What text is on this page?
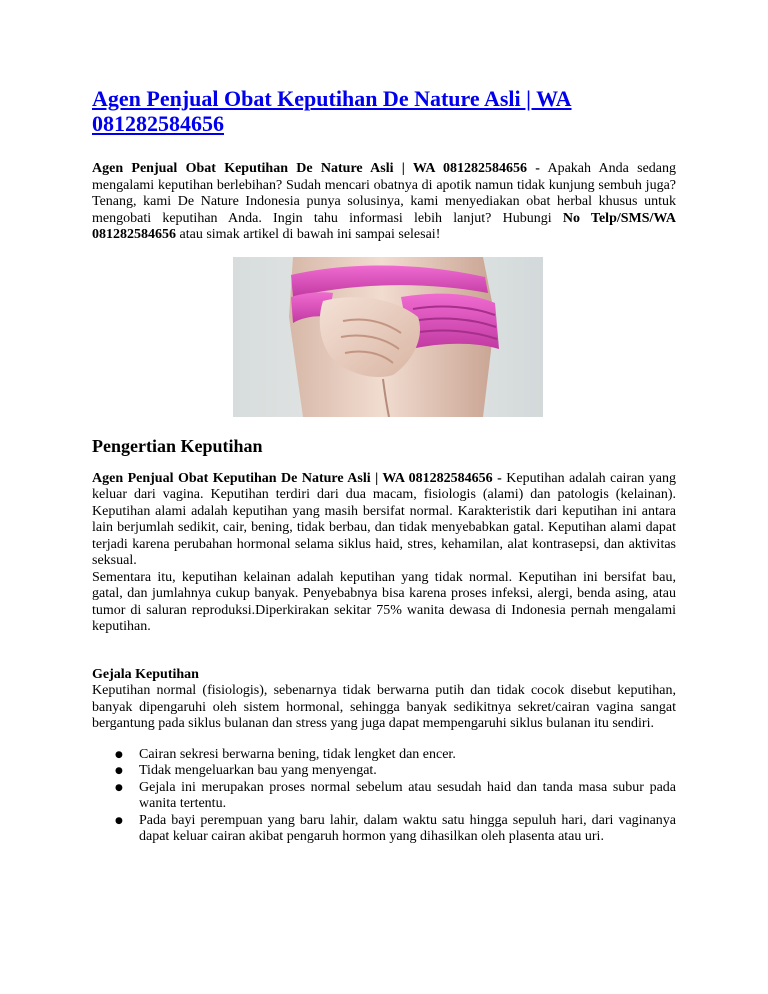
Agen Penjual Obat Keputihan De Nature Asli | WA 081282584656

Agen Penjual Obat Keputihan De Nature Asli | WA 081282584656 - Apakah Anda sedang mengalami keputihan berlebihan? Sudah mencari obatnya di apotik namun tidak kunjung sembuh juga? Tenang, kami De Nature Indonesia punya solusinya, kami menyediakan obat herbal khusus untuk mengobati keputihan Anda. Ingin tahu informasi lebih lanjut? Hubungi No Telp/SMS/WA 081282584656 atau simak artikel di bawah ini sampai selesai!

Pengertian Keputihan

Agen Penjual Obat Keputihan De Nature Asli | WA 081282584656 - Keputihan adalah cairan yang keluar dari vagina. Keputihan terdiri dari dua macam, fisiologis (alami) dan patologis (kelainan). Keputihan alami adalah keputihan yang masih bersifat normal. Karakteristik dari keputihan ini antara lain berjumlah sedikit, cair, bening, tidak berbau, dan tidak menyebabkan gatal. Keputihan alami dapat terjadi karena perubahan hormonal selama siklus haid, stres, kehamilan, alat kontrasepsi, dan aktivitas seksual.
Sementara itu, keputihan kelainan adalah keputihan yang tidak normal. Keputihan ini bersifat bau, gatal, dan jumlahnya cukup banyak. Penyebabnya bisa karena proses infeksi, alergi, benda asing, atau tumor di saluran reproduksi.Diperkirakan sekitar 75% wanita dewasa di Indonesia pernah mengalami keputihan.

Gejala Keputihan
Keputihan normal (fisiologis), sebenarnya tidak berwarna putih dan tidak cocok disebut keputihan, banyak dipengaruhi oleh sistem hormonal, sehingga banyak sedikitnya sekret/cairan vagina sangat bergantung pada siklus bulanan dan stress yang juga dapat mempengaruhi siklus bulanan itu sendiri.

● Cairan sekresi berwarna bening, tidak lengket dan encer.
● Tidak mengeluarkan bau yang menyengat.
● Gejala ini merupakan proses normal sebelum atau sesudah haid dan tanda masa subur pada wanita tertentu.
● Pada bayi perempuan yang baru lahir, dalam waktu satu hingga sepuluh hari, dari vaginanya dapat keluar cairan akibat pengaruh hormon yang dihasilkan oleh plasenta atau uri.
